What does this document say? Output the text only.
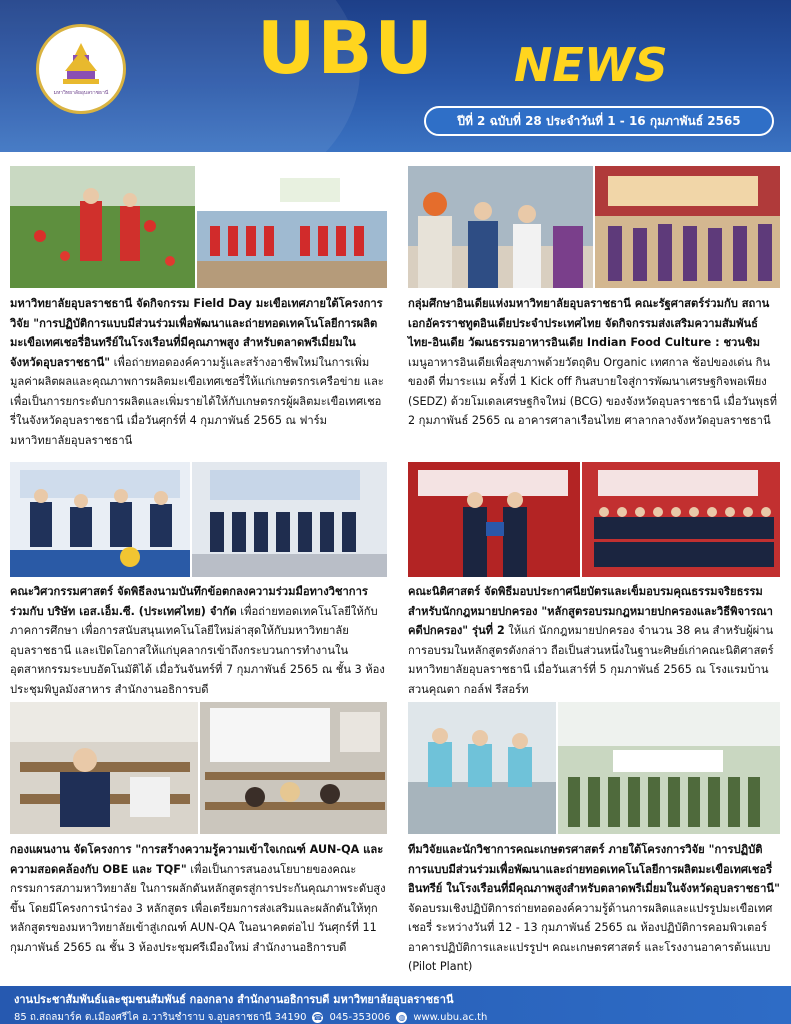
มหาวิทยาลัยอุบลราชธานี
UBU NEWS
ปีที่ 2 ฉบับที่ 28 ประจำวันที่ 1 - 16 กุมภาพันธ์ 2565
มหาวิทยาลัยอุบลราชธานี จัดกิจกรรม Field Day มะเขือเทศภายใต้โครงการวิจัย "การปฏิบัติการแบบมีส่วนร่วมเพื่อพัฒนาและถ่ายทอดเทคโนโลยีการผลิตมะเขือเทศเชอรี่อินทรีย์ในโรงเรือนที่มีคุณภาพสูง สำหรับตลาดพรีเมี่ยมในจังหวัดอุบลราชธานี" เพื่อถ่ายทอดองค์ความรู้และสร้างอาชีพใหม่ในการเพิ่มมูลค่าผลิตผลและคุณภาพการผลิตมะเขือเทศเชอรี่ให้แก่เกษตรกรเครือข่าย และเพื่อเป็นการยกระดับการผลิตและเพิ่มรายได้ให้กับเกษตรกรผู้ผลิตมะเขือเทศเชอรี่ในจังหวัดอุบลราชธานี เมื่อวันศุกร์ที่ 4 กุมภาพันธ์ 2565 ณ ฟาร์มมหาวิทยาลัยอุบลราชธานี
กลุ่มศึกษาอินเดียแห่งมหาวิทยาลัยอุบลราชธานี คณะรัฐศาสตร์ร่วมกับ สถานเอกอัครราชทูตอินเดียประจำประเทศไทย จัดกิจกรรมส่งเสริมความสัมพันธ์ไทย-อินเดีย วัฒนธรรมอาหารอินเดีย Indian Food Culture : ชวนชิม เมนูอาหารอินเดียเพื่อสุขภาพด้วยวัตถุดิบ Organic เทศกาล ช้อปของเด่น กินของดี ที่มาระแม ครั้งที่ 1 Kick off กินสบายใจสู่การพัฒนาเศรษฐกิจพอเพียง (SEDZ) ด้วยโมเดลเศรษฐกิจใหม่ (BCG) ของจังหวัดอุบลราชธานี เมื่อวันพุธที่ 2 กุมภาพันธ์ 2565 ณ อาคารศาลาเรือนไทย ศาลากลางจังหวัดอุบลราชธานี
คณะวิศวกรรมศาสตร์ จัดพิธีลงนามบันทึกข้อตกลงความร่วมมือทางวิชาการร่วมกับ บริษัท เอส.เอ็ม.ซี. (ประเทศไทย) จำกัด เพื่อถ่ายทอดเทคโนโลยีให้กับภาคการศึกษา เพื่อการสนับสนุนเทคโนโลยีใหม่ล่าสุดให้กับมหาวิทยาลัยอุบลราชธานี และเปิดโอกาสให้แก่บุคลากรเข้าถึงกระบวนการทำงานในอุตสาหกรรมระบบอัตโนมัติได้ เมื่อวันจันทร์ที่ 7 กุมภาพันธ์ 2565 ณ ชั้น 3 ห้องประชุมพิบูลมังสาหาร สำนักงานอธิการบดี
คณะนิติศาสตร์ จัดพิธีมอบประกาศนียบัตรและเข็มอบรมคุณธรรมจริยธรรมสำหรับนักกฎหมายปกครอง "หลักสูตรอบรมกฎหมายปกครองและวิธีพิจารณาคดีปกครอง" รุ่นที่ 2 ให้แก่ นักกฎหมายปกครอง จำนวน 38 คน สำหรับผู้ผ่านการอบรมในหลักสูตรดังกล่าว ถือเป็นส่วนหนึ่งในฐานะศิษย์เก่าคณะนิติศาสตร์ มหาวิทยาลัยอุบลราชธานี เมื่อวันเสาร์ที่ 5 กุมภาพันธ์ 2565 ณ โรงแรมบ้านสวนคุณตา กอล์ฟ รีสอร์ท
กองแผนงาน จัดโครงการ "การสร้างความรู้ความเข้าใจเกณฑ์ AUN-QA และความสอดคล้องกับ OBE และ TQF" เพื่อเป็นการสนองนโยบายของคณะกรรมการสภามหาวิทยาลัย ในการผลักดันหลักสูตรสู่การประกันคุณภาพระดับสูงขึ้น โดยมีโครงการนำร่อง 3 หลักสูตร เพื่อเตรียมการส่งเสริมและผลักดันให้ทุกหลักสูตรของมหาวิทยาลัยเข้าสู่เกณฑ์ AUN-QA ในอนาคตต่อไป วันศุกร์ที่ 11 กุมภาพันธ์ 2565 ณ ชั้น 3 ห้องประชุมศรีเมืองใหม่ สำนักงานอธิการบดี
ทีมวิจัยและนักวิชาการคณะเกษตรศาสตร์ ภายใต้โครงการวิจัย "การปฏิบัติการแบบมีส่วนร่วมเพื่อพัฒนาและถ่ายทอดเทคโนโลยีการผลิตมะเขือเทศเชอรี่อินทรีย์ ในโรงเรือนที่มีคุณภาพสูงสำหรับตลาดพรีเมี่ยมในจังหวัดอุบลราชธานี" จัดอบรมเชิงปฏิบัติการถ่ายทอดองค์ความรู้ด้านการผลิตและแปรรูปมะเขือเทศเชอรี่ ระหว่างวันที่ 12 - 13 กุมภาพันธ์ 2565 ณ ห้องปฏิบัติการคอมพิวเตอร์ อาคารปฏิบัติการและแปรรูปฯ คณะเกษตรศาสตร์ และโรงงานอาคารต้นแบบ (Pilot Plant)
งานประชาสัมพันธ์และชุมชนสัมพันธ์ กองกลาง สำนักงานอธิการบดี มหาวิทยาลัยอุบลราชธานี
85 ถ.สถลมาร์ค ต.เมืองศรีไค อ.วารินชำราบ จ.อุบลราชธานี 34190 ☎ 045-353006 ◍ www.ubu.ac.th
